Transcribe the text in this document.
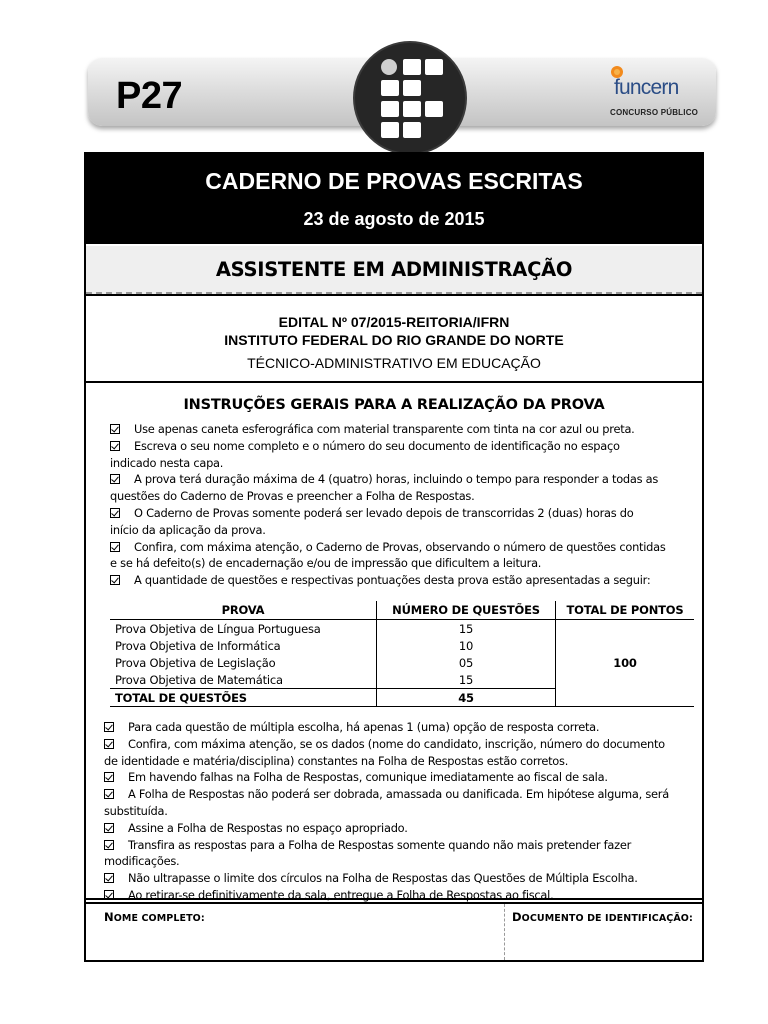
P27	funcern
CONCURSO PÚBLICO
CADERNO DE PROVAS ESCRITAS
23 de agosto de 2015
ASSISTENTE EM ADMINISTRAÇÃO
EDITAL Nº 07/2015-REITORIA/IFRN
INSTITUTO FEDERAL DO RIO GRANDE DO NORTE
TÉCNICO-ADMINISTRATIVO EM EDUCAÇÃO
INSTRUÇÕES GERAIS PARA A REALIZAÇÃO DA PROVA

Use apenas caneta esferográfica com material transparente com tinta na cor azul ou preta.

Escreva o seu nome completo e o número do seu documento de identificação no espaço

indicado nesta capa.

A prova terá duração máxima de 4 (quatro) horas, incluindo o tempo para responder a todas as

questões do Caderno de Provas e preencher a Folha de Respostas.

O Caderno de Provas somente poderá ser levado depois de transcorridas 2 (duas) horas do

início da aplicação da prova.

Confira, com máxima atenção, o Caderno de Provas, observando o número de questões contidas

e se há defeito(s) de encadernação e/ou de impressão que dificultem a leitura.

A quantidade de questões e respectivas pontuações desta prova estão apresentadas a seguir:

PROVA	NÚMERO DE QUESTÕES	TOTAL DE PONTOS
Prova Objetiva de Língua Portuguesa	15	100
Prova Objetiva de Informática	10	
Prova Objetiva de Legislação	05	
Prova Objetiva de Matemática	15	
TOTAL DE QUESTÕES	45	

Para cada questão de múltipla escolha, há apenas 1 (uma) opção de resposta correta.

Confira, com máxima atenção, se os dados (nome do candidato, inscrição, número do documento

de identidade e matéria/disciplina) constantes na Folha de Respostas estão corretos.

Em havendo falhas na Folha de Respostas, comunique imediatamente ao fiscal de sala.

A Folha de Respostas não poderá ser dobrada, amassada ou danificada. Em hipótese alguma, será

substituída.

Assine a Folha de Respostas no espaço apropriado.

Transfira as respostas para a Folha de Respostas somente quando não mais pretender fazer

modificações.

Não ultrapasse o limite dos círculos na Folha de Respostas das Questões de Múltipla Escolha.

Ao retirar-se definitivamente da sala, entregue a Folha de Respostas ao fiscal.

NOME COMPLETO:	DOCUMENTO DE IDENTIFICAÇÃO:
